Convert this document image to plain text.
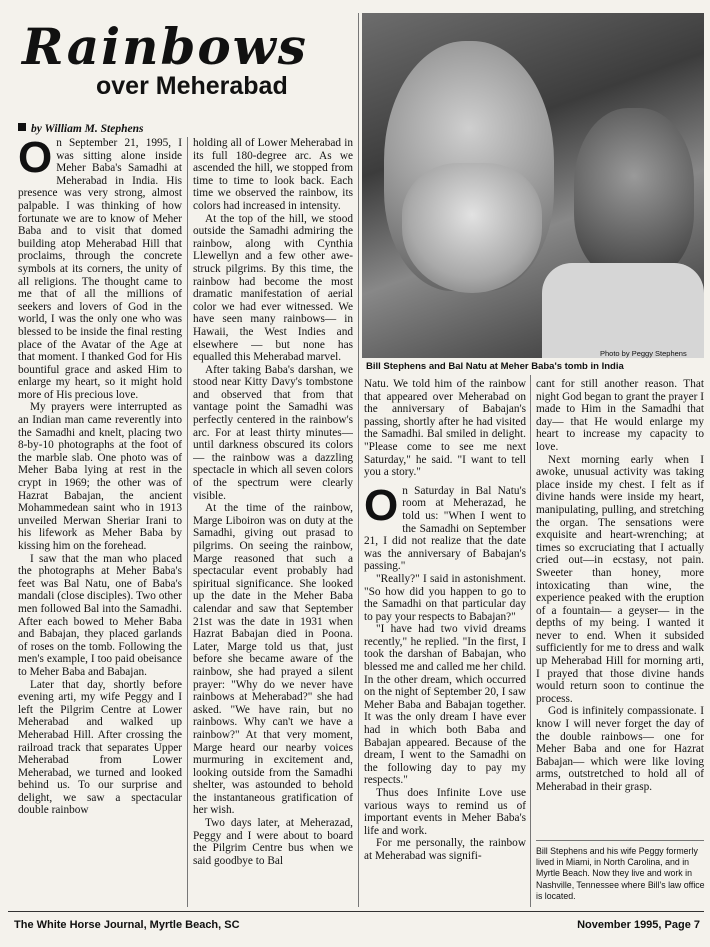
Rainbows
over Meherabad
by William M. Stephens

On September 21, 1995, I was sitting alone inside Meher Baba's Samadhi at Meherabad in India. His presence was very strong, almost palpable. I was thinking of how fortunate we are to know of Meher Baba and to visit that domed building atop Meherabad Hill that proclaims, through the concrete symbols at its corners, the unity of all religions. The thought came to me that of all the millions of seekers and lovers of God in the world, I was the only one who was blessed to be inside the final resting place of the Avatar of the Age at that moment. I thanked God for His bountiful grace and asked Him to enlarge my heart, so it might hold more of His precious love.

My prayers were interrupted as an Indian man came reverently into the Samadhi and knelt, placing two 8-by-10 photographs at the foot of the marble slab. One photo was of Meher Baba lying at rest in the crypt in 1969; the other was of Hazrat Babajan, the ancient Mohammedean saint who in 1913 unveiled Merwan Sheriar Irani to his lifework as Meher Baba by kissing him on the forehead.

I saw that the man who placed the photographs at Meher Baba's feet was Bal Natu, one of Baba's mandali (close disciples). Two other men followed Bal into the Samadhi. After each bowed to Meher Baba and Babajan, they placed garlands of roses on the tomb. Following the men's example, I too paid obeisance to Meher Baba and Babajan.

Later that day, shortly before evening arti, my wife Peggy and I left the Pilgrim Centre at Lower Meherabad and walked up Meherabad Hill. After crossing the railroad track that separates Upper Meherabad from Lower Meherabad, we turned and looked behind us. To our surprise and delight, we saw a spectacular double rainbow

holding all of Lower Meherabad in its full 180-degree arc. As we ascended the hill, we stopped from time to time to look back. Each time we observed the rainbow, its colors had increased in intensity.

At the top of the hill, we stood outside the Samadhi admiring the rainbow, along with Cynthia Llewellyn and a few other awe-struck pilgrims. By this time, the rainbow had become the most dramatic manifestation of aerial color we had ever witnessed. We have seen many rainbows— in Hawaii, the West Indies and elsewhere — but none has equalled this Meherabad marvel.

After taking Baba's darshan, we stood near Kitty Davy's tombstone and observed that from that vantage point the Samadhi was perfectly centered in the rainbow's arc. For at least thirty minutes— until darkness obscured its colors— the rainbow was a dazzling spectacle in which all seven colors of the spectrum were clearly visible.

At the time of the rainbow, Marge Liboiron was on duty at the Samadhi, giving out prasad to pilgrims. On seeing the rainbow, Marge reasoned that such a spectacular event probably had spiritual significance. She looked up the date in the Meher Baba calendar and saw that September 21st was the date in 1931 when Hazrat Babajan died in Poona. Later, Marge told us that, just before she became aware of the rainbow, she had prayed a silent prayer: "Why do we never have rainbows at Meherabad?" she had asked. "We have rain, but no rainbows. Why can't we have a rainbow?" At that very moment, Marge heard our nearby voices murmuring in excitement and, looking outside from the Samadhi shelter, was astounded to behold the instantaneous gratification of her wish.

Two days later, at Meherazad, Peggy and I were about to board the Pilgrim Centre bus when we said goodbye to Bal

Photo by Peggy Stephens
Bill Stephens and Bal Natu at Meher Baba's tomb in India

Natu. We told him of the rainbow that appeared over Meherabad on the anniversary of Babajan's passing, shortly after he had visited the Samadhi. Bal smiled in delight. "Please come to see me next Saturday," he said. "I want to tell you a story."

On Saturday in Bal Natu's room at Meherazad, he told us: "When I went to the Samadhi on September 21, I did not realize that the date was the anniversary of Babajan's passing."

"Really?" I said in astonishment. "So how did you happen to go to the Samadhi on that particular day to pay your respects to Babajan?"

"I have had two vivid dreams recently," he replied. "In the first, I took the darshan of Babajan, who blessed me and called me her child. In the other dream, which occurred on the night of September 20, I saw Meher Baba and Babajan together. It was the only dream I have ever had in which both Baba and Babajan appeared. Because of the dream, I went to the Samadhi on the following day to pay my respects."

Thus does Infinite Love use various ways to remind us of important events in Meher Baba's life and work.

For me personally, the rainbow at Meherabad was signifi-

cant for still another reason. That night God began to grant the prayer I made to Him in the Samadhi that day— that He would enlarge my heart to increase my capacity to love.

Next morning early when I awoke, unusual activity was taking place inside my chest. I felt as if divine hands were inside my heart, manipulating, pulling, and stretching the organ. The sensations were exquisite and heart-wrenching; at times so excruciating that I actually cried out—in ecstasy, not pain. Sweeter than honey, more intoxicating than wine, the experience peaked with the eruption of a fountain— a geyser— in the depths of my being. I wanted it never to end. When it subsided sufficiently for me to dress and walk up Meherabad Hill for morning arti, I prayed that those divine hands would return soon to continue the process.

God is infinitely compassionate. I know I will never forget the day of the double rainbows— one for Meher Baba and one for Hazrat Babajan— which were like loving arms, outstretched to hold all of Meherabad in their grasp.

Bill Stephens and his wife Peggy formerly lived in Miami, in North Carolina, and in Myrtle Beach. Now they live and work in Nashville, Tennessee where Bill's law office is located.
The White Horse Journal, Myrtle Beach, SC	November 1995, Page 7
